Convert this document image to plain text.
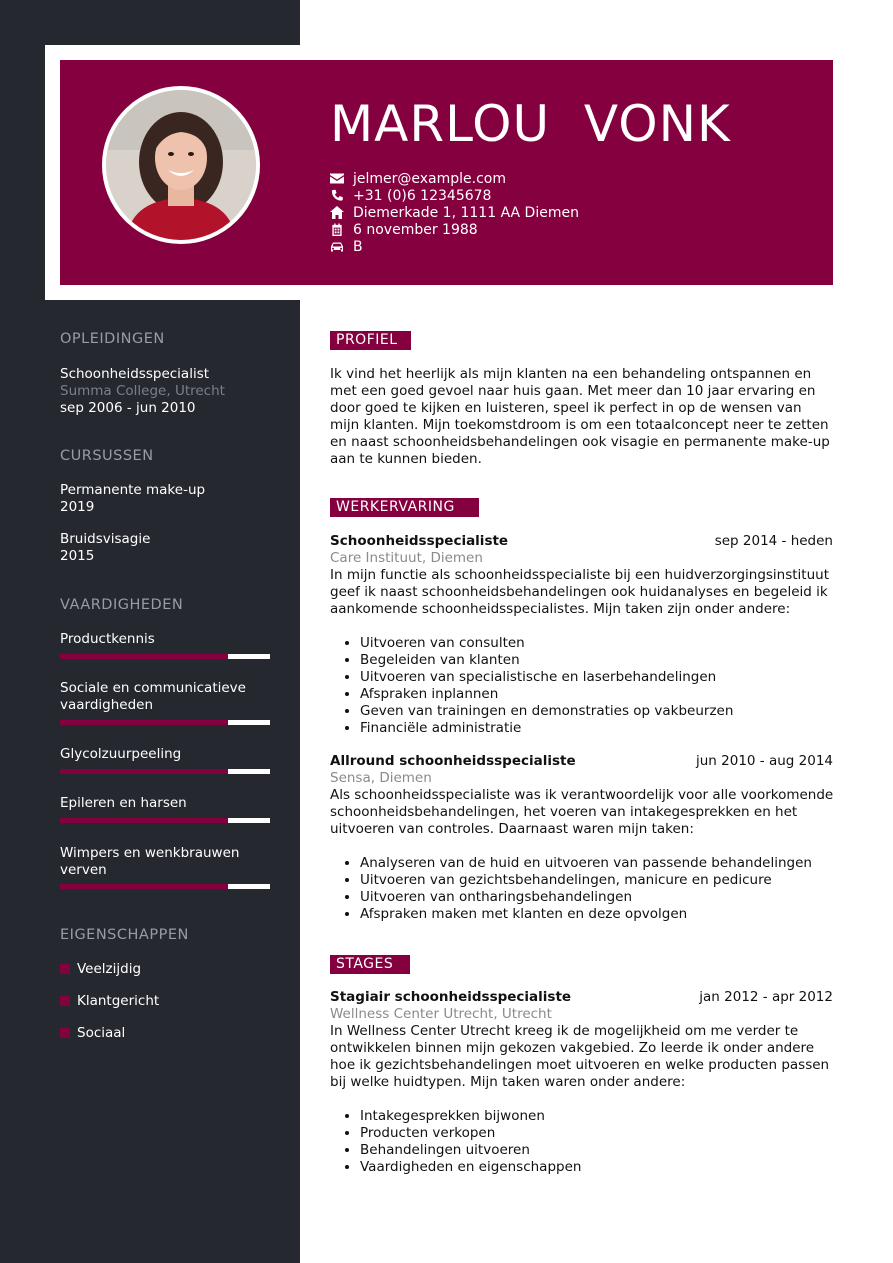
MARLOU VONK
jelmer@example.com
+31 (0)6 12345678
Diemerkade 1, 1111 AA Diemen
6 november 1988
B
OPLEIDINGEN
Schoonheidsspecialist
Summa College, Utrecht
sep 2006 - jun 2010
CURSUSSEN
Permanente make-up
2019
Bruidsvisagie
2015
VAARDIGHEDEN
Productkennis
Sociale en communicatieve vaardigheden
Glycolzuurpeeling
Epileren en harsen
Wimpers en wenkbrauwen verven
EIGENSCHAPPEN
Veelzijdig
Klantgericht
Sociaal
PROFIEL
Ik vind het heerlijk als mijn klanten na een behandeling ontspannen en met een goed gevoel naar huis gaan. Met meer dan 10 jaar ervaring en door goed te kijken en luisteren, speel ik perfect in op de wensen van mijn klanten. Mijn toekomstdroom is om een totaalconcept neer te zetten en naast schoonheidsbehandelingen ook visagie en permanente make-up aan te kunnen bieden.
WERKERVARING
Schoonheidsspecialiste	sep 2014 - heden
Care Instituut, Diemen
In mijn functie als schoonheidsspecialiste bij een huidverzorgingsinstituut geef ik naast schoonheidsbehandelingen ook huidanalyses en begeleid ik aankomende schoonheidsspecialistes. Mijn taken zijn onder andere:
• Uitvoeren van consulten
• Begeleiden van klanten
• Uitvoeren van specialistische en laserbehandelingen
• Afspraken inplannen
• Geven van trainingen en demonstraties op vakbeurzen
• Financiële administratie
Allround schoonheidsspecialiste	jun 2010 - aug 2014
Sensa, Diemen
Als schoonheidsspecialiste was ik verantwoordelijk voor alle voorkomende schoonheidsbehandelingen, het voeren van intakegesprekken en het uitvoeren van controles. Daarnaast waren mijn taken:
• Analyseren van de huid en uitvoeren van passende behandelingen
• Uitvoeren van gezichtsbehandelingen, manicure en pedicure
• Uitvoeren van ontharingsbehandelingen
• Afspraken maken met klanten en deze opvolgen
STAGES
Stagiair schoonheidsspecialiste	jan 2012 - apr 2012
Wellness Center Utrecht, Utrecht
In Wellness Center Utrecht kreeg ik de mogelijkheid om me verder te ontwikkelen binnen mijn gekozen vakgebied. Zo leerde ik onder andere hoe ik gezichtsbehandelingen moet uitvoeren en welke producten passen bij welke huidtypen. Mijn taken waren onder andere:
• Intakegesprekken bijwonen
• Producten verkopen
• Behandelingen uitvoeren
• Vaardigheden en eigenschappen
